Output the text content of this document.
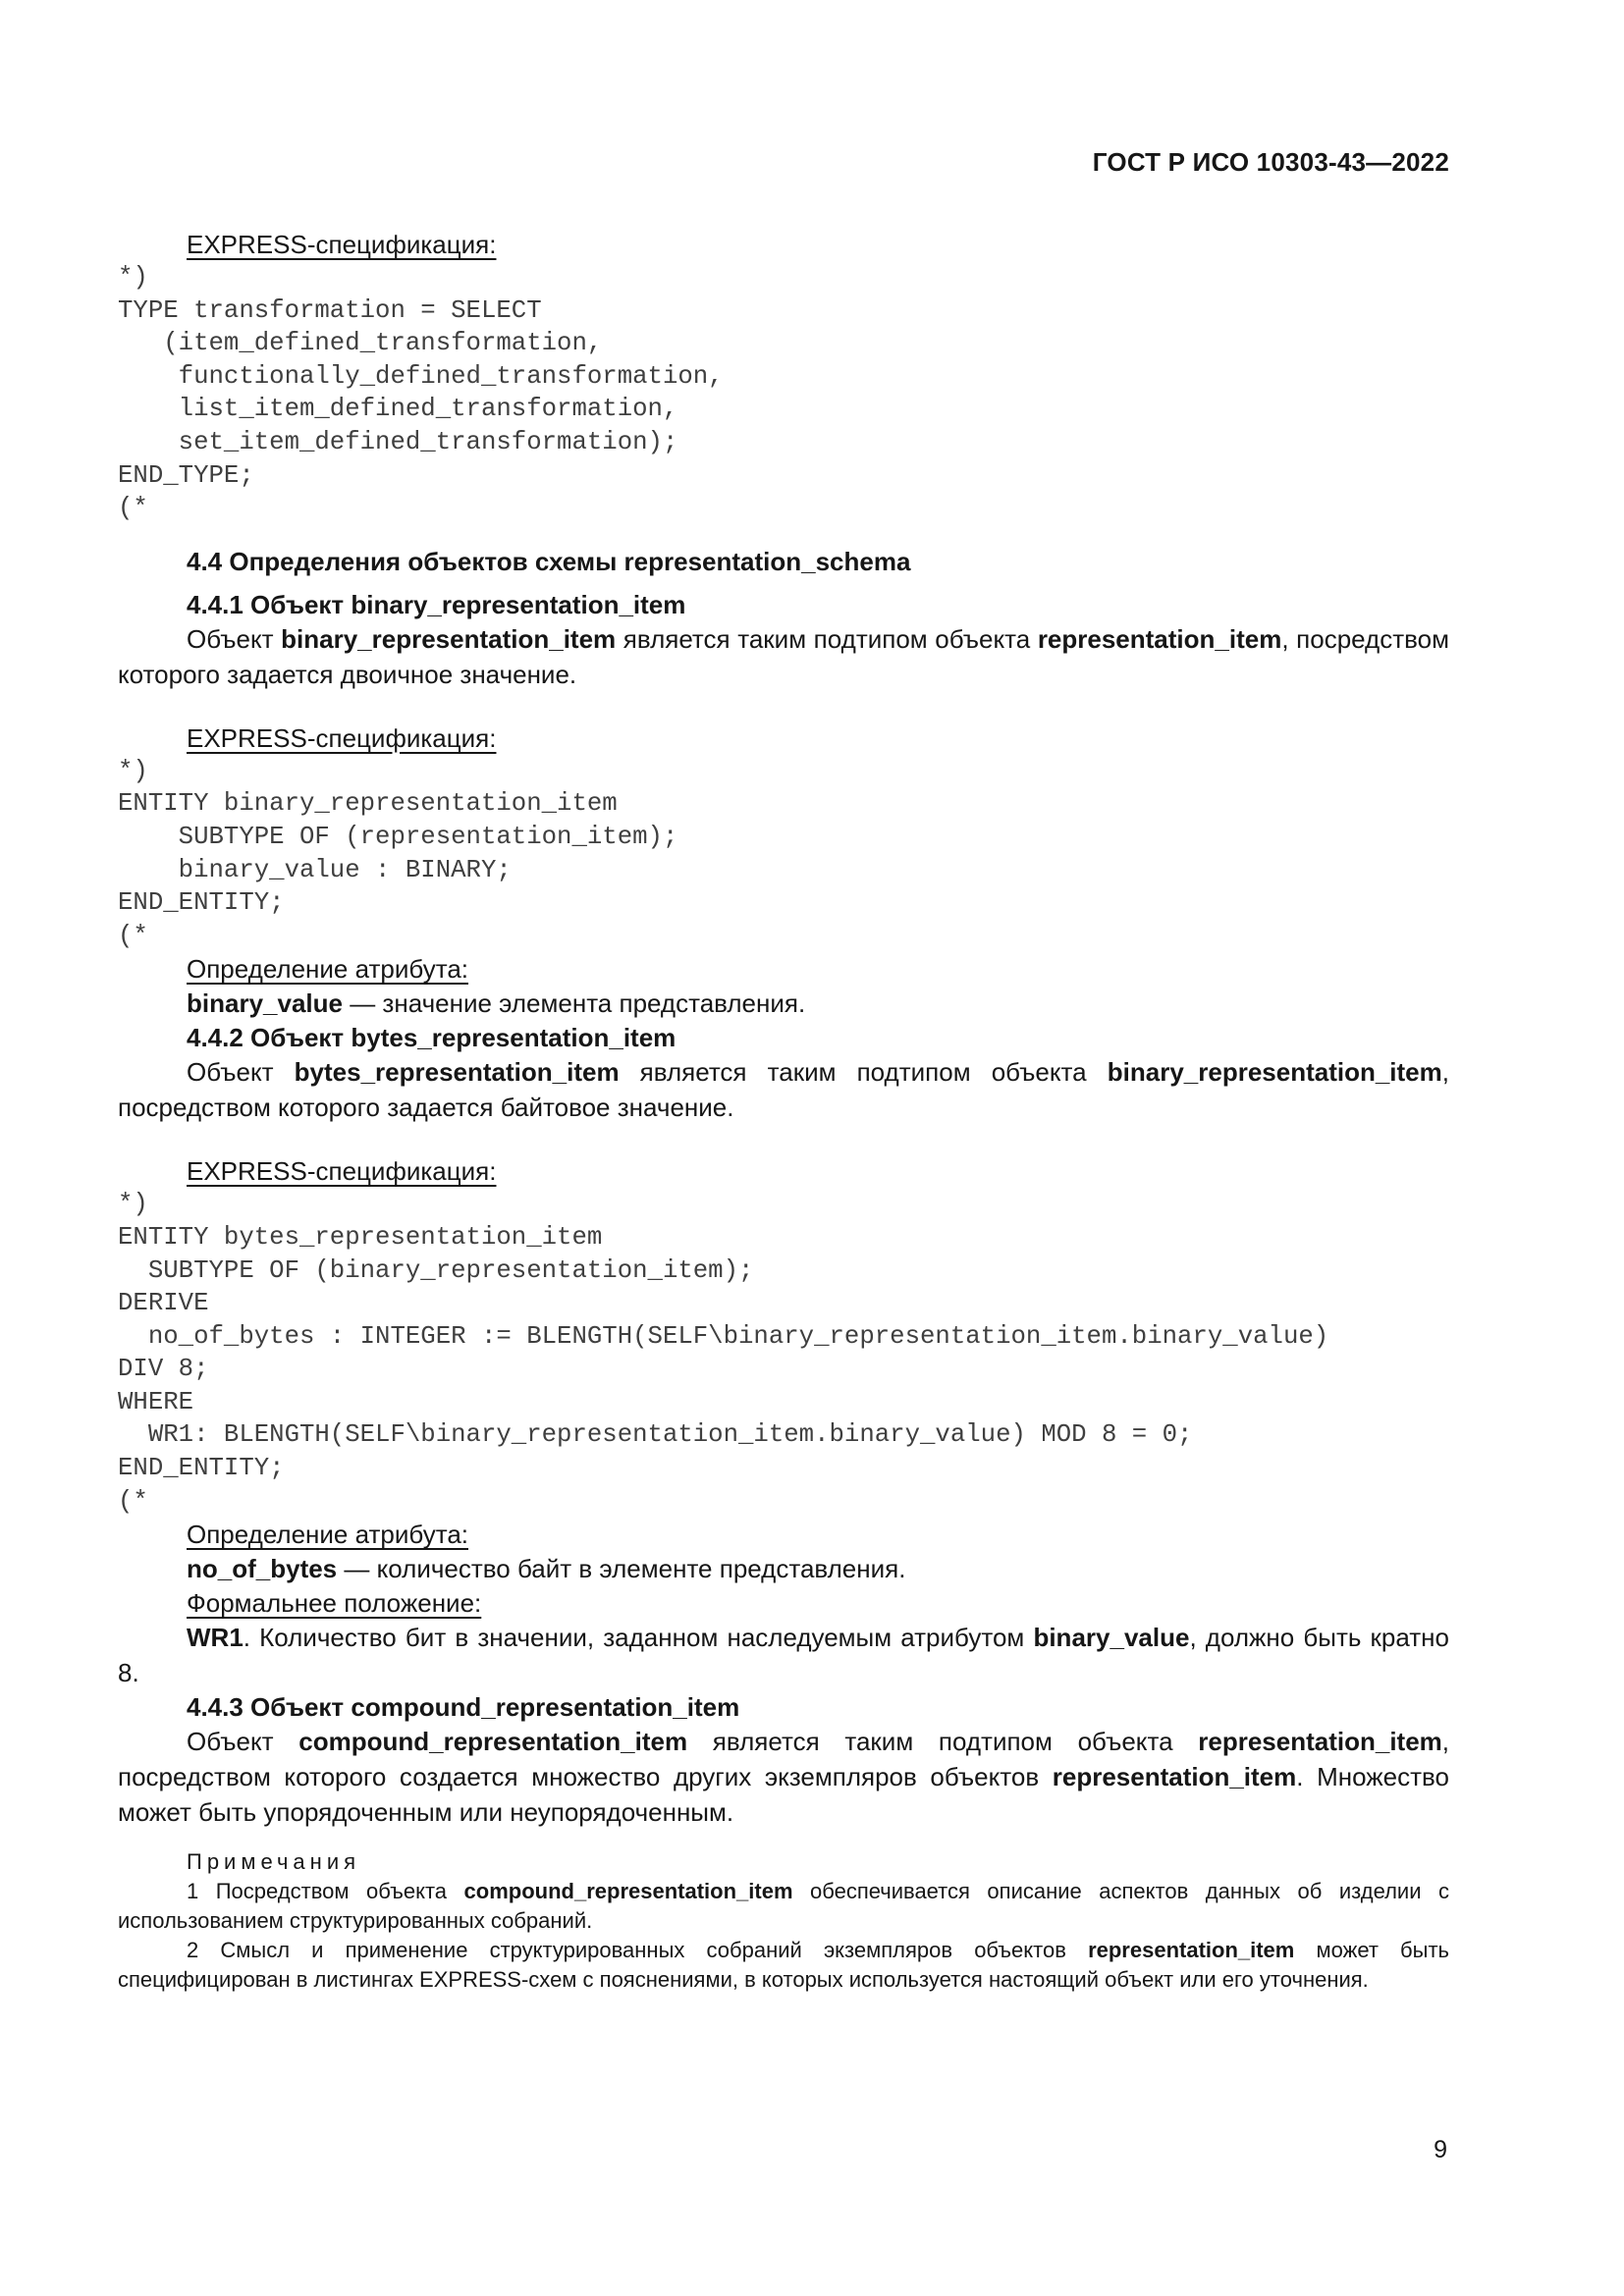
ГОСТ Р ИСО 10303-43—2022
EXPRESS-спецификация:
*)
TYPE transformation = SELECT
(item_defined_transformation,
functionally_defined_transformation,
list_item_defined_transformation,
set_item_defined_transformation);
END_TYPE;
(*
4.4 Определения объектов схемы representation_schema
4.4.1 Объект binary_representation_item

Объект binary_representation_item является таким подтипом объекта representation_item, посредством которого задается двоичное значение.

EXPRESS-спецификация:
*)
ENTITY binary_representation_item
SUBTYPE OF (representation_item);
binary_value : BINARY;
END_ENTITY;
(*
Определение атрибута:
binary_value — значение элемента представления.
4.4.2 Объект bytes_representation_item

Объект bytes_representation_item является таким подтипом объекта binary_representation_item, посредством которого задается байтовое значение.

EXPRESS-спецификация:
*)
ENTITY bytes_representation_item
SUBTYPE OF (binary_representation_item);
DERIVE
no_of_bytes : INTEGER := BLENGTH(SELF\binary_representation_item.binary_value)
DIV 8;
WHERE
WR1: BLENGTH(SELF\binary_representation_item.binary_value) MOD 8 = 0;
END_ENTITY;
(*
Определение атрибута:
no_of_bytes — количество байт в элементе представления.
Формальнее положение:

WR1. Количество бит в значении, заданном наследуемым атрибутом binary_value, должно быть кратно 8.

4.4.3 Объект compound_representation_item

Объект compound_representation_item является таким подтипом объекта representation_item, посредством которого создается множество других экземпляров объектов representation_item. Множество может быть упорядоченным или неупорядоченным.

Примечания

1 Посредством объекта compound_representation_item обеспечивается описание аспектов данных об изделии с использованием структурированных собраний.

2 Смысл и применение структурированных собраний экземпляров объектов representation_item может быть специфицирован в листингах EXPRESS-схем с пояснениями, в которых используется настоящий объект или его уточнения.

9
